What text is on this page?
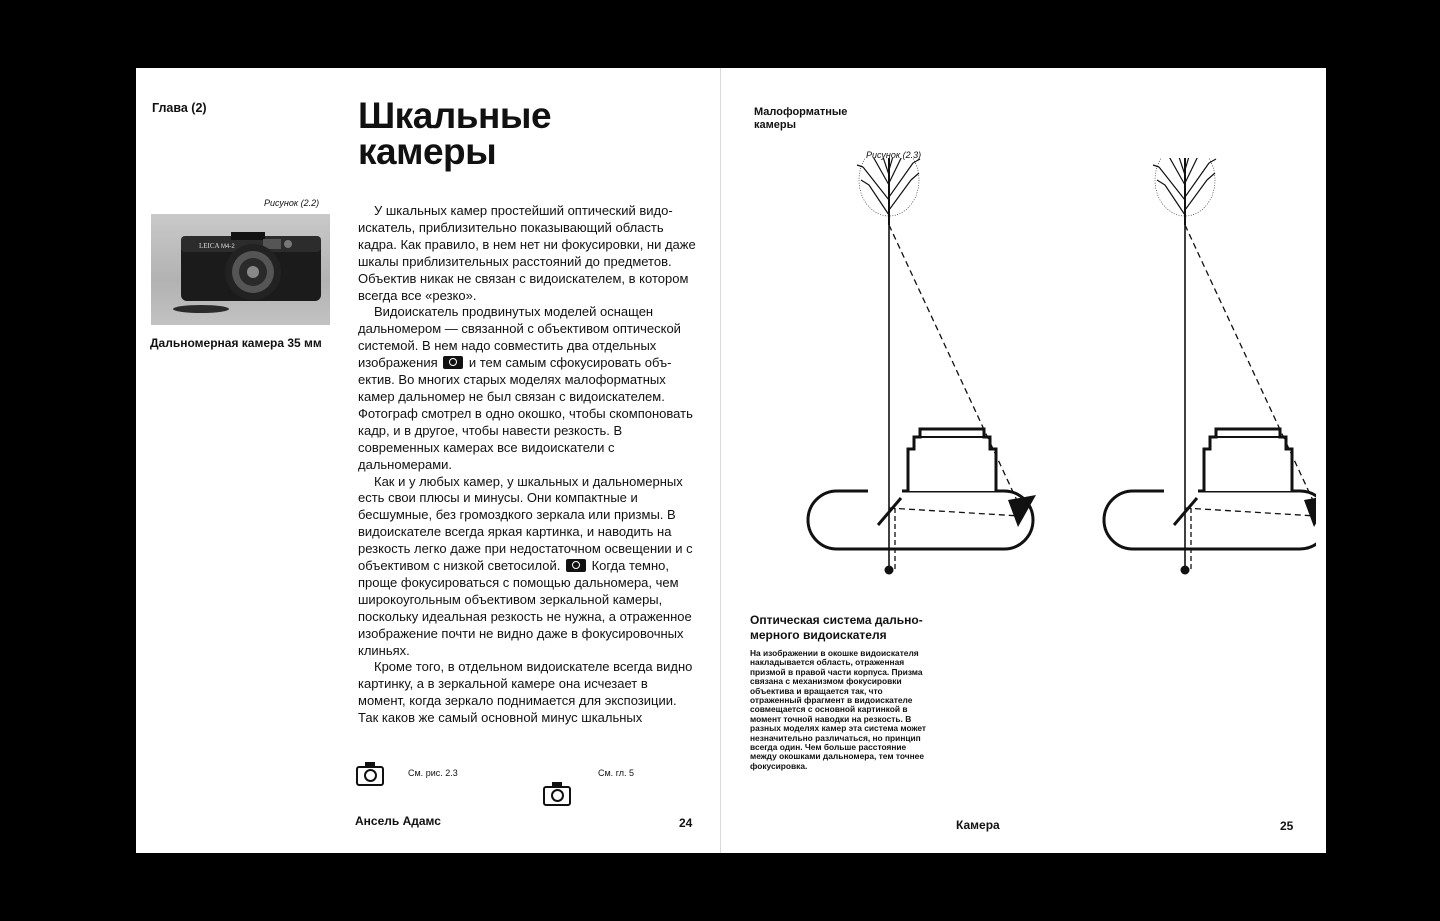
Глава (2)	Шкальные
камеры
Рисунок (2.2)
LEICA M4-2
Дальномерная камера 35 мм

У шкальных камер простейший оптический видоискатель, приблизительно показывающий область кадра. Как правило, в нем нет ни фокусировки, ни даже шкалы приблизительных расстояний до предметов. Объектив никак не связан с видоискателем, в котором всегда все «резко».

Видоискатель продвинутых моделей оснащен дальномером — связанной с объективом оптической системой. В нем надо совместить два отдельных изображения и тем самым сфокусировать объектив. Во многих старых моделях малоформатных камер дальномер не был связан с видоискателем. Фотограф смотрел в одно окошко, чтобы скомпоновать кадр, и в другое, чтобы навести резкость. В современных камерах все видоискатели с дальномерами.

Как и у любых камер, у шкальных и дальномерных есть свои плюсы и минусы. Они компактные и бесшумные, без громоздкого зеркала или призмы. В видоискателе всегда яркая картинка, и наводить на резкость легко даже при недостаточном освещении и с объективом с низкой светосилой. Когда темно, проще фокусироваться с помощью дальномера, чем широкоугольным объективом зеркальной камеры, поскольку идеальная резкость не нужна, а отраженное изображение почти не видно даже в фокусировочных клиньях.

Кроме того, в отдельном видоискателе всегда видно картинку, а в зеркальной камере она исчезает в момент, когда зеркало поднимается для экспозиции. Так каков же самый основной минус шкальных

См. рис. 2.3	См. гл. 5
Ансель Адамс	24
Малоформатные камеры
Рисунок (2.3)
Оптическая система дальномерного видоискателя
На изображении в окошке видоискателя накладывается область, отраженная призмой в правой части корпуса. Призма связана с механизмом фокусировки объектива и вращается так, что отраженный фрагмент в видоискателе совмещается с основной картинкой в момент точной наводки на резкость. В разных моделях камер эта система может незначительно различаться, но принцип всегда один. Чем больше расстояние между окошками дальномера, тем точнее фокусировка.
Камера	25
